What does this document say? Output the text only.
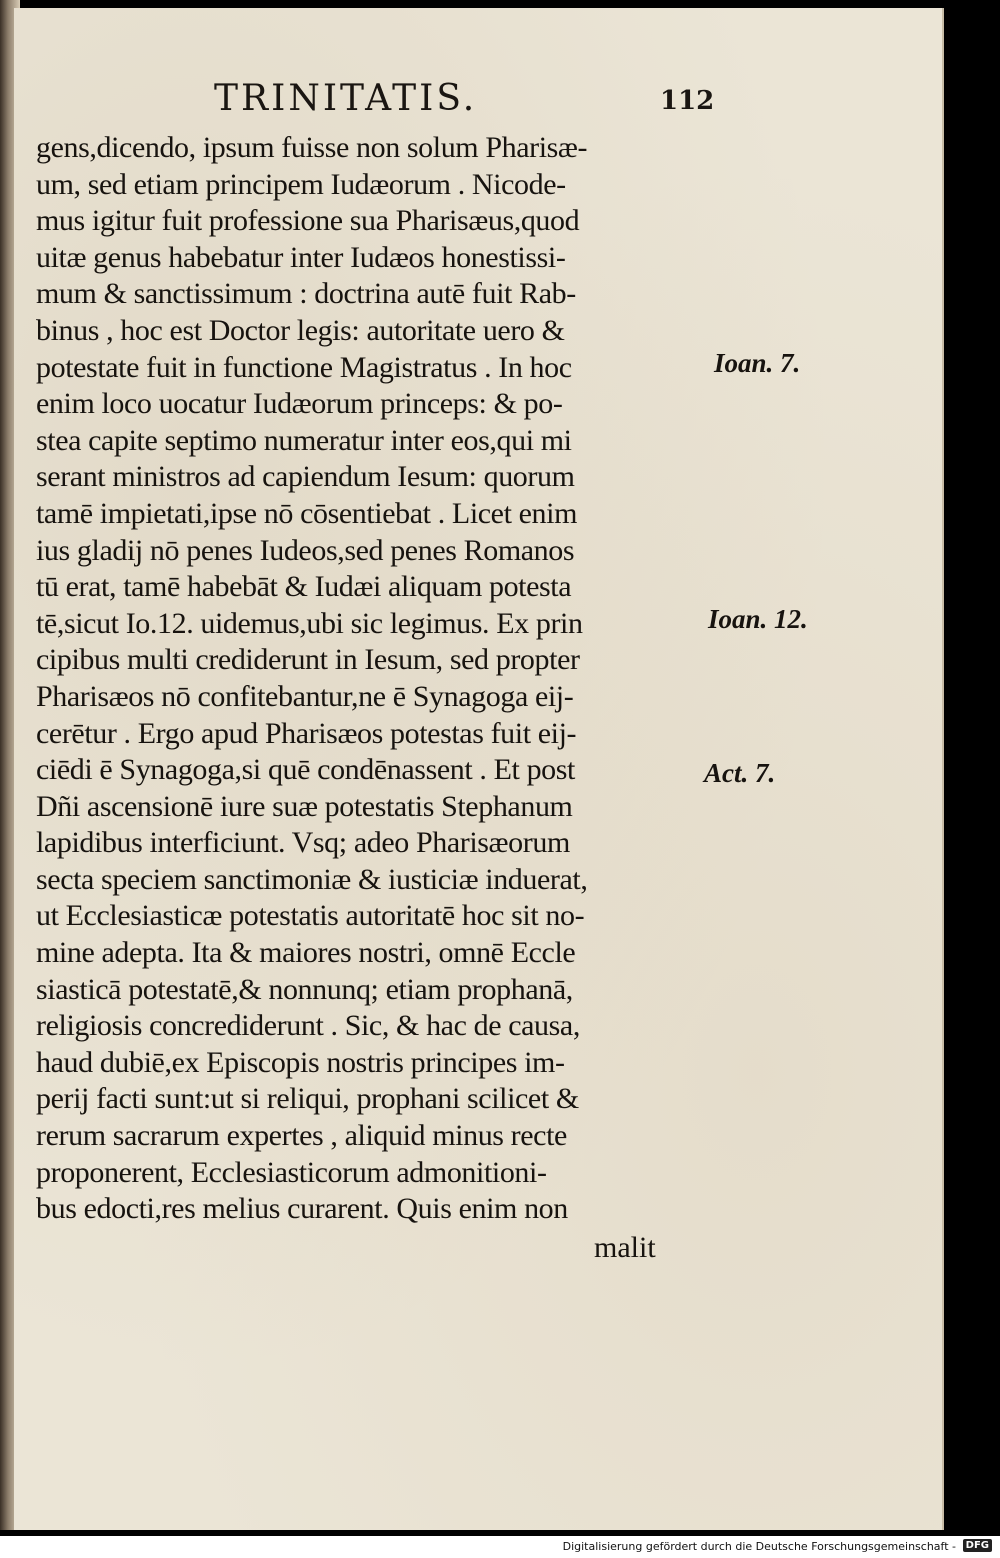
TRINITATIS.	112
gens,dicendo, ipsum fuisse non solum Pharisæ-
um, sed etiam principem Iudæorum . Nicode-
mus igitur fuit professione sua Pharisæus,quod
uitæ genus habebatur inter Iudæos honestissi-
mum & sanctissimum : doctrina autē fuit Rab-
binus , hoc est Doctor legis: autoritate uero &
potestate fuit in functione Magistratus . In hoc
enim loco uocatur Iudæorum princeps: & po-
stea capite septimo numeratur inter eos,qui mi
serant ministros ad capiendum Iesum: quorum
tamē impietati,ipse nō cōsentiebat . Licet enim
ius gladij nō penes Iudeos,sed penes Romanos
tū erat, tamē habebāt & Iudæi aliquam potesta
tē,sicut Io.12. uidemus,ubi sic legimus. Ex prin
cipibus multi crediderunt in Iesum, sed propter
Pharisæos nō confitebantur,ne ē Synagoga eij-
cerētur . Ergo apud Pharisæos potestas fuit eij-
ciēdi ē Synagoga,si quē condēnassent . Et post
Dñi ascensionē iure suæ potestatis Stephanum
lapidibus interficiunt. Vsq; adeo Pharisæorum
secta speciem sanctimoniæ & iusticiæ induerat,
ut Ecclesiasticæ potestatis autoritatē hoc sit no-
mine adepta. Ita & maiores nostri, omnē Eccle
siasticā potestatē,& nonnunq; etiam prophanā,
religiosis concrediderunt . Sic, & hac de causa,
haud dubiē,ex Episcopis nostris principes im-
perij facti sunt:ut si reliqui, prophani scilicet &
rerum sacrarum expertes , aliquid minus recte
proponerent, Ecclesiasticorum admonitioni-
bus edocti,res melius curarent. Quis enim non
malit
Ioan. 7.
Ioan. 12.
Act. 7.
Digitalisierung gefördert durch die Deutsche Forschungsgemeinschaft - DFG
